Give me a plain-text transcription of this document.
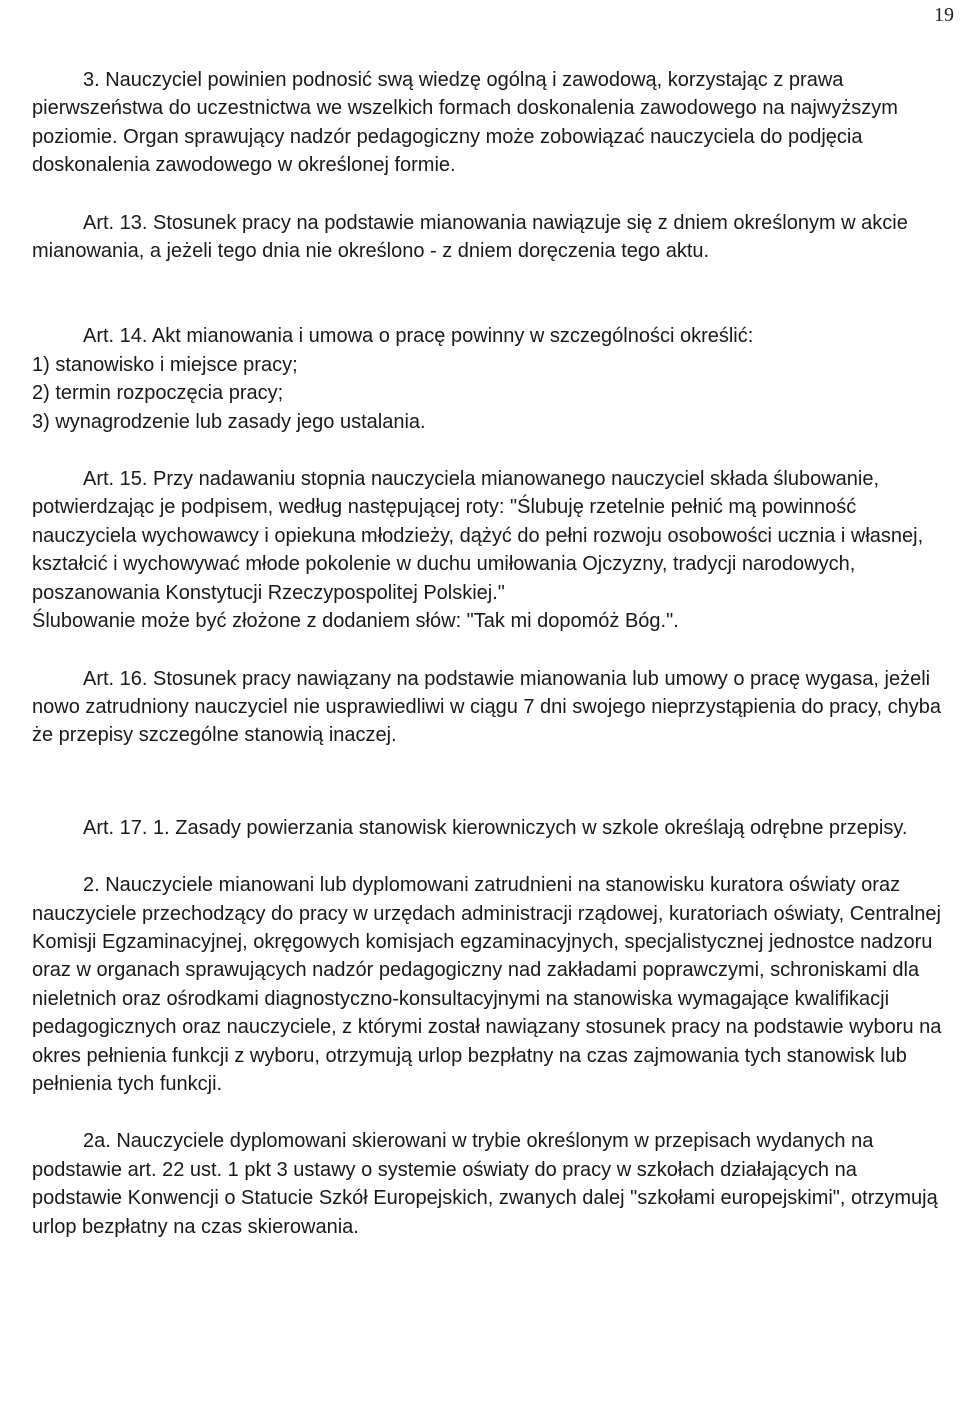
19

3. Nauczyciel powinien podnosić swą wiedzę ogólną i zawodową, korzystając z prawa pierwszeństwa do uczestnictwa we wszelkich formach doskonalenia zawodowego na najwyższym poziomie. Organ sprawujący nadzór pedagogiczny może zobowiązać nauczyciela do podjęcia doskonalenia zawodowego w określonej formie.

Art. 13. Stosunek pracy na podstawie mianowania nawiązuje się z dniem określonym w akcie mianowania, a jeżeli tego dnia nie określono - z dniem doręczenia tego aktu.

Art. 14. Akt mianowania i umowa o pracę powinny w szczególności określić:

1) stanowisko i miejsce pracy;
2) termin rozpoczęcia pracy;
3) wynagrodzenie lub zasady jego ustalania.

Art. 15. Przy nadawaniu stopnia nauczyciela mianowanego nauczyciel składa ślubowanie, potwierdzając je podpisem, według następującej roty: "Ślubuję rzetelnie pełnić mą powinność nauczyciela wychowawcy i opiekuna młodzieży, dążyć do pełni rozwoju osobowości ucznia i własnej, kształcić i wychowywać młode pokolenie w duchu umiłowania Ojczyzny, tradycji narodowych, poszanowania Konstytucji Rzeczypospolitej Polskiej."

Ślubowanie może być złożone z dodaniem słów: "Tak mi dopomóż Bóg.".

Art. 16. Stosunek pracy nawiązany na podstawie mianowania lub umowy o pracę wygasa, jeżeli nowo zatrudniony nauczyciel nie usprawiedliwi w ciągu 7 dni swojego nieprzystąpienia do pracy, chyba że przepisy szczególne stanowią inaczej.

Art. 17. 1. Zasady powierzania stanowisk kierowniczych w szkole określają odrębne przepisy.

2. Nauczyciele mianowani lub dyplomowani zatrudnieni na stanowisku kuratora oświaty oraz nauczyciele przechodzący do pracy w urzędach administracji rządowej, kuratoriach oświaty, Centralnej Komisji Egzaminacyjnej, okręgowych komisjach egzaminacyjnych, specjalistycznej jednostce nadzoru oraz w organach sprawujących nadzór pedagogiczny nad zakładami poprawczymi, schroniskami dla nieletnich oraz ośrodkami diagnostyczno-konsultacyjnymi na stanowiska wymagające kwalifikacji pedagogicznych oraz nauczyciele, z którymi został nawiązany stosunek pracy na podstawie wyboru na okres pełnienia funkcji z wyboru, otrzymują urlop bezpłatny na czas zajmowania tych stanowisk lub pełnienia tych funkcji.

2a. Nauczyciele dyplomowani skierowani w trybie określonym w przepisach wydanych na podstawie art. 22 ust. 1 pkt 3 ustawy o systemie oświaty do pracy w szkołach działających na podstawie Konwencji o Statucie Szkół Europejskich, zwanych dalej "szkołami europejskimi", otrzymują urlop bezpłatny na czas skierowania.
